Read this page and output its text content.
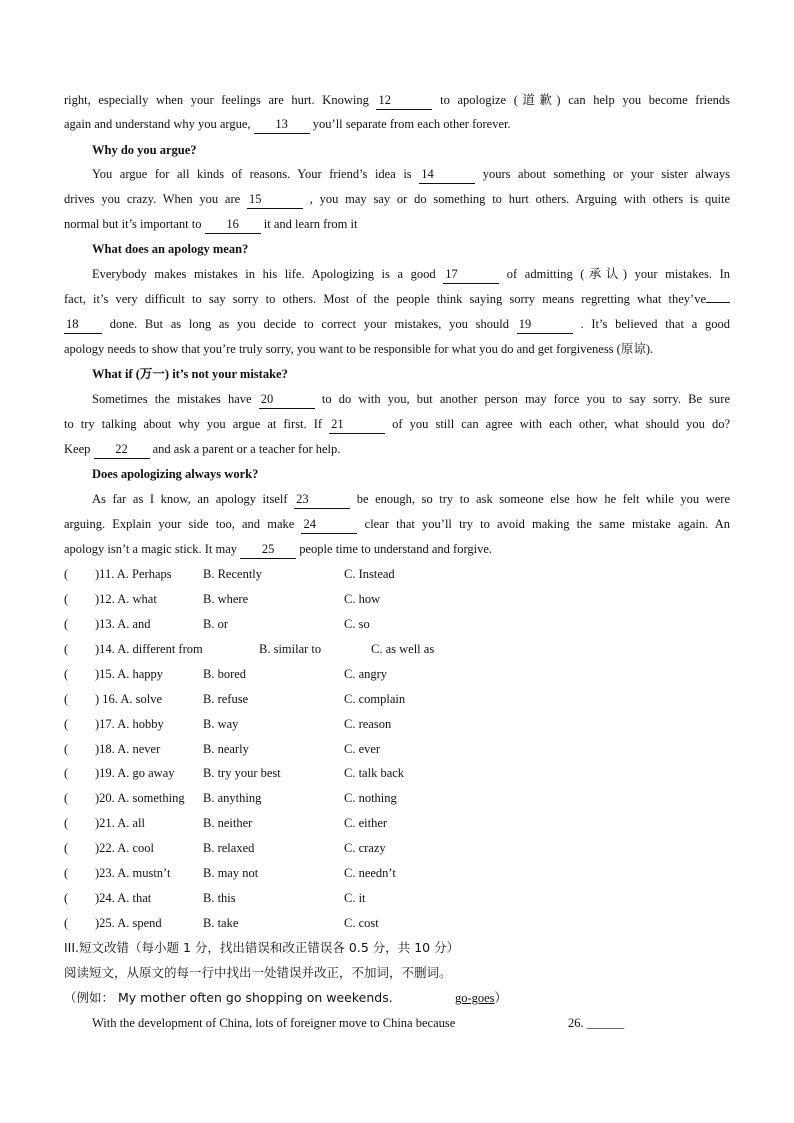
right, especially when your feelings are hurt. Knowing 12	to apologize (道歉) can help you become friends
again and understand why you argue, 13 you’ll separate from each other forever.
Why do you argue?
You argue for all kinds of reasons. Your friend’s idea is 14	yours about something or your sister always
drives you crazy. When you are 15	, you may say or do something to hurt others. Arguing with others is quite
normal but it’s important to 16 it and learn from it
What does an apology mean?
Everybody makes mistakes in his life. Apologizing is a good 17	of admitting (承认) your mistakes. In
fact, it’s very difficult to say sorry to others. Most of the people think saying sorry means regretting what they’ve
18 done. But as long as you decide to correct your mistakes, you should 19	. It’s believed that a good
apology needs to show that you’re truly sorry, you want to be responsible for what you do and get forgiveness (原谅).
What if (万一) it’s not your mistake?
Sometimes the mistakes have 20	to do with you, but another person may force you to say sorry. Be sure
to try talking about why you argue at first. If 21	of you still can agree with each other, what should you do?
Keep 22 and ask a parent or a teacher for help.
Does apologizing always work?
As far as I know, an apology itself 23	be enough, so try to ask someone else how he felt while you were
arguing. Explain your side too, and make 24	clear that you’ll try to avoid making the same mistake again. An
apology isn’t a magic stick. It may 25 people time to understand and forgive.
( )11. A. Perhaps	B. Recently	C. Instead
( )12. A. what	B. where	C. how
( )13. A. and	B. or	C. so
( )14. A. different from	B. similar to	C. as well as
( )15. A. happy	B. bored	C. angry
( ) 16. A. solve	B. refuse	C. complain
( )17. A. hobby	B. way	C. reason
( )18. A. never	B. nearly	C. ever
( )19. A. go away B. try your best	C. talk back
( )20. A. something B. anything	C. nothing
( )21. A. all	B. neither	C. either
( )22. A. cool	B. relaxed	C. crazy
( )23. A. mustn’t	B. may not	C. needn’t
( )24. A. that	B. this	C. it
( )25. A. spend	B. take	C. cost
III.短文改错（每小题 1 分，找出错误和改正错误各 0.5 分，共 10 分）
阅读短文，从原文的每一行中找出一处错误并改正，不加词，不删词。
（例如： My mother often go shopping on weekends.	go-goes）
With the development of China, lots of foreigner move to China because	26. ______
